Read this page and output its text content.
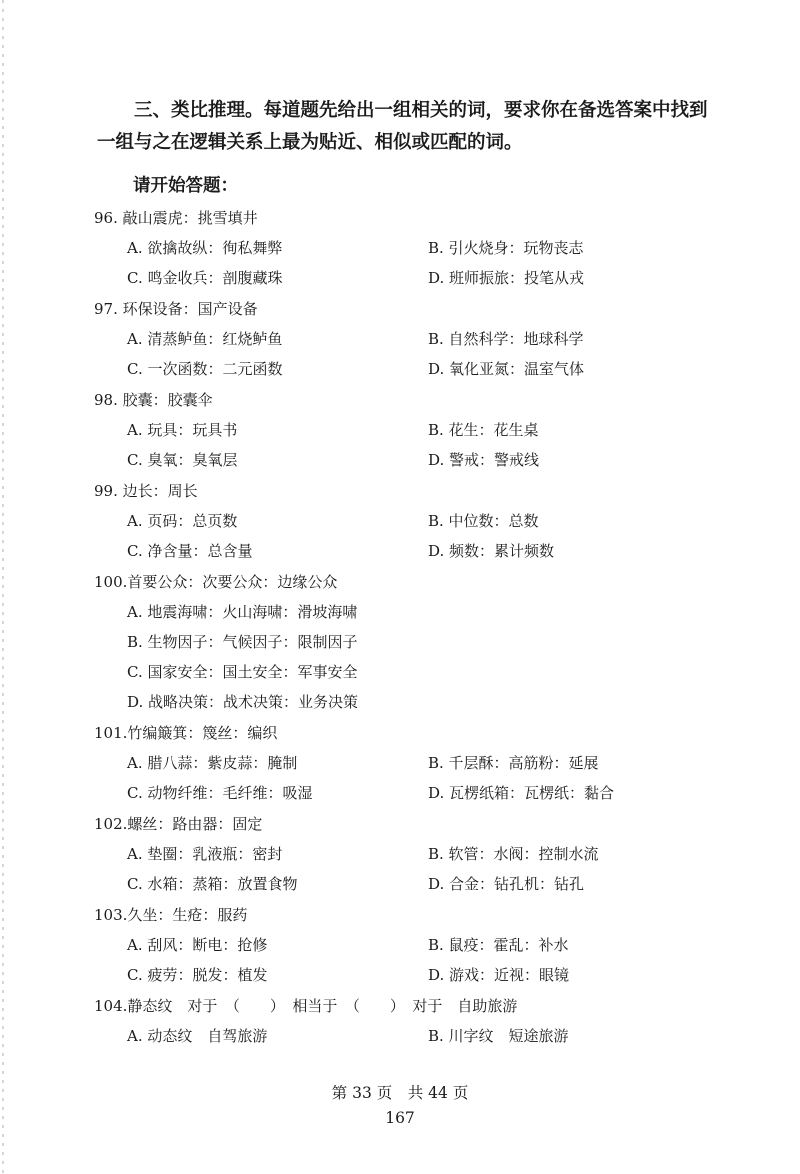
三、类比推理。每道题先给出一组相关的词，要求你在备选答案中找到

一组与之在逻辑关系上最为贴近、相似或匹配的词。
请开始答题：
96. 敲山震虎：挑雪填井
A. 欲擒故纵：徇私舞弊	B. 引火烧身：玩物丧志
C. 鸣金收兵：剖腹藏珠	D. 班师振旅：投笔从戎
97. 环保设备：国产设备
A. 清蒸鲈鱼：红烧鲈鱼	B. 自然科学：地球科学
C. 一次函数：二元函数	D. 氧化亚氮：温室气体
98. 胶囊：胶囊伞
A. 玩具：玩具书	B. 花生：花生桌
C. 臭氧：臭氧层	D. 警戒：警戒线
99. 边长：周长
A. 页码：总页数	B. 中位数：总数
C. 净含量：总含量	D. 频数：累计频数
100.首要公众：次要公众：边缘公众
A. 地震海啸：火山海啸：滑坡海啸
B. 生物因子：气候因子：限制因子
C. 国家安全：国土安全：军事安全
D. 战略决策：战术决策：业务决策
101.竹编簸箕：篾丝：编织
A. 腊八蒜：紫皮蒜：腌制	B. 千层酥：高筋粉：延展
C. 动物纤维：毛纤维：吸湿	D. 瓦楞纸箱：瓦楞纸：黏合
102.螺丝：路由器：固定
A. 垫圈：乳液瓶：密封	B. 软管：水阀：控制水流
C. 水箱：蒸箱：放置食物	D. 合金：钻孔机：钻孔
103.久坐：生疮：服药
A. 刮风：断电：抢修	B. 鼠疫：霍乱：补水
C. 疲劳：脱发：植发	D. 游戏：近视：眼镜
104.静态纹　对于　（　　）　相当于　（　　）　对于　自助旅游
A. 动态纹　自驾旅游	B. 川字纹　短途旅游
第 33 页　共 44 页
167
